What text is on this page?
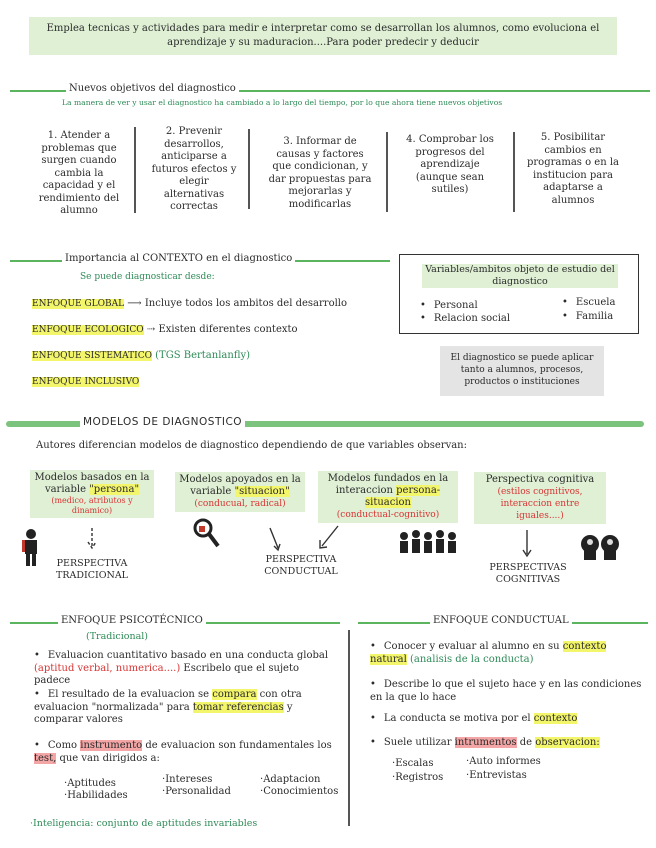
Emplea tecnicas y actividades para medir e interpretar como se desarrollan los alumnos, como evoluciona el aprendizaje y su maduracion....Para poder predecir y deducir
Nuevos objetivos del diagnostico
La manera de ver y usar el diagnostico ha cambiado a lo largo del tiempo, por lo que ahora tiene nuevos objetivos
1. Atender a problemas que surgen cuando cambia la capacidad y el rendimiento del alumno
2. Prevenir desarrollos, anticiparse a futuros efectos y elegir alternativas correctas
3. Informar de causas y factores que condicionan, y dar propuestas para mejorarlas y modificarlas
4. Comprobar los progresos del aprendizaje (aunque sean sutiles)
5. Posibilitar cambios en programas o en la institucion para adaptarse a alumnos
Importancia al CONTEXTO en el diagnostico
Se puede diagnosticar desde:
ENFOQUE GLOBAL ⟶ Incluye todos los ambitos del desarrollo
ENFOQUE ECOLOGICO ⇢ Existen diferentes contexto
ENFOQUE SISTEMATICO (TGS Bertanlanfly)
ENFOQUE INCLUSIVO
Variables/ambitos objeto de estudio del diagnostico
• Personal
• Relacion social
• Escuela
• Familia
El diagnostico se puede aplicar tanto a alumnos, procesos, productos o instituciones
MODELOS DE DIAGNOSTICO
Autores diferencian modelos de diagnostico dependiendo de que variables observan:
Modelos basados en la variable "persona"
(medico, atributos y dinamico)
Modelos apoyados en la variable "situacion"
(conducual, radical)
Modelos fundados en la interaccion persona-situacion
(conductual-cognitivo)
Perspectiva cognitiva
(estilos cognitivos, interaccion entre iguales....)
PERSPECTIVA TRADICIONAL
PERSPECTIVA CONDUCTUAL	PERSPECTIVAS COGNITIVAS
ENFOQUE PSICOTÉCNICO
(Tradicional)
• Evaluacion cuantitativo basado en una conducta global (aptitud verbal, numerica....) Escribelo que el sujeto padece
• El resultado de la evaluacion se compara con otra evaluacion "normalizada" para tomar referencias y comparar valores
• Como instrumento de evaluacion son fundamentales los test, que van dirigidos a:
·Aptitudes
·Habilidades
·Intereses
·Personalidad
·Adaptacion
·Conocimientos
·Inteligencia: conjunto de aptitudes invariables
ENFOQUE CONDUCTUAL
• Conocer y evaluar al alumno en su contexto natural (analisis de la conducta)
• Describe lo que el sujeto hace y en las condiciones en la que lo hace
• La conducta se motiva por el contexto
• Suele utilizar intrumentos de observacion:
·Escalas
·Registros
·Auto informes
·Entrevistas
